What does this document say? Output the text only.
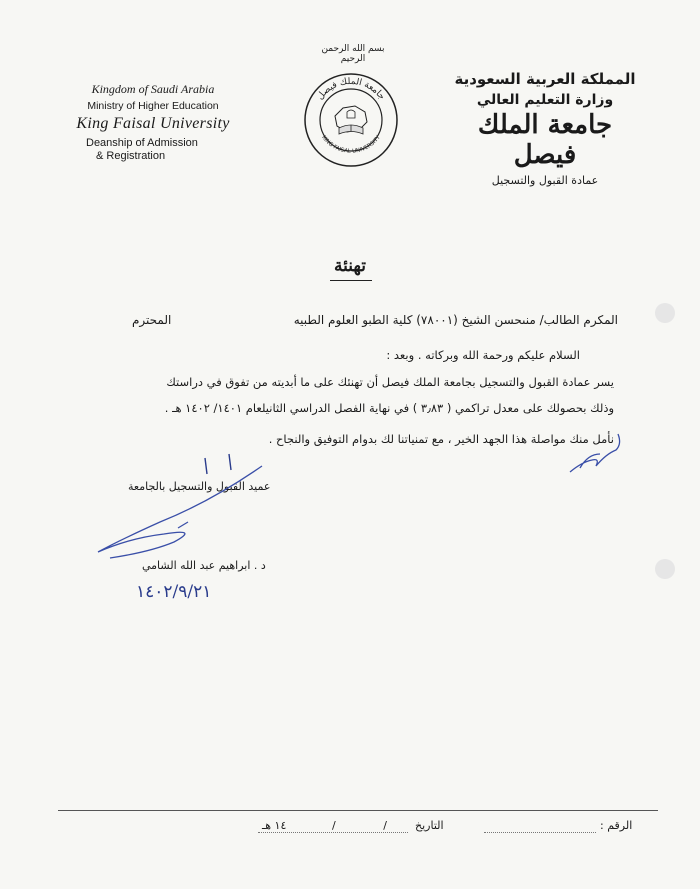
Kingdom of Saudi Arabia
Ministry of Higher Education
King Faisal University
Deanship of Admission
& Registration
بسم الله الرحمن الرحيم
جامعة الملك فيصل
KING FAISAL UNIVERSITY
المملكة العربية السعودية
وزارة التعليم العالي
جامعة الملك فيصل
عمادة القبول والتسجيل
تهنئة
المكرم الطالب/ منىحسن الشيخ (٧٨٠٠١) كلية الطبو العلوم الطبيه
المحترم
السلام عليكم ورحمة الله وبركاته . وبعد :
يسر عمادة القبول والتسجيل بجامعة الملك فيصل أن تهنئك على ما أبديته من تفوق في دراستك
وذلك بحصولك على معدل تراكمي ( ٣٫٨٣ ) في نهاية الفصل الدراسي الثانيلعام ١٤٠١/ ١٤٠٢ هـ .
نأمل منك مواصلة هذا الجهد الخير ، مع تمنياتنا لك بدوام التوفيق والنجاح .
عميد القبول والتسجيل بالجامعة
د . ابراهيم عبد الله الشامي
١٤٠٢/٩/٢١
الرقم :
التاريخ
/ /
١٤ هـ
